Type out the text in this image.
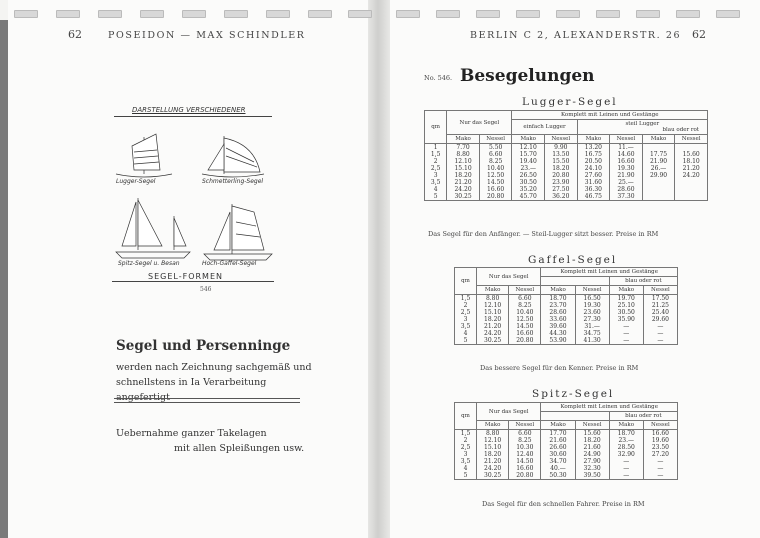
62	POSEIDON — MAX SCHINDLER
DARSTELLUNG VERSCHIEDENER
Lugger-Segel	Schmetterling-Segel
Spitz-Segel u. Besan	Hoch-Gaffel-Segel
SEGEL-FORMEN
546
Segel und Persenninge
werden nach Zeichnung sachgemäß und schnellstens in Ia Verarbeitung angefertigt
Uebernahme ganzer Takelagen
mit allen Spleißungen usw.
BERLIN C 2, ALEXANDERSTR. 26 62
No. 546. Besegelungen
Lugger-Segel
qm	Nur das Segel		Komplett mit Leinen und Gestänge					
			einfach Lugger		steil Lugger
blau oder rot			

	Mako	Nessel	Mako	Nessel	Mako	Nessel	Mako	Nessel
1	7.70	5.50	12.10	9.90	13.20	11.—		
1,5	8.80	6.60	15.70	13.50	16.75	14.60	17.75	15.60
2	12.10	8.25	19.40	15.50	20.50	16.60	21.90	18.10
2,5	15.10	10.40	23.—	18.20	24.10	19.30	26.—	21.20
3	18.20	12.50	26.50	20.80	27.60	21.90	29.90	24.20
3,5	21.20	14.50	30.50	23.90	31.60	25.—		
4	24.20	16.60	35.20	27.50	36.30	28.60		
5	30.25	20.80	45.70	36.20	46.75	37.30		
Das Segel für den Anfänger. — Steil-Lugger sitzt besser. Preise in RM
Gaffel-Segel
qm	Nur das Segel		Komplett mit Leinen und Gestänge			
					blau oder rot	
	Mako	Nessel	Mako	Nessel	Mako	Nessel
1,5	8.80	6.60	18.70	16.50	19.70	17.50
2	12.10	8.25	23.70	19.30	25.10	21.25
2,5	15.10	10.40	28.60	23.60	30.50	25.40
3	18.20	12.50	33.60	27.30	35.90	29.60
3,5	21.20	14.50	39.60	31.—	—	—
4	24.20	16.60	44.30	34.75	—	—
5	30.25	20.80	53.90	41.30	—	—
Das bessere Segel für den Kenner. Preise in RM
Spitz-Segel
qm	Nur das Segel		Komplett mit Leinen und Gestänge			
					blau oder rot	
	Mako	Nessel	Mako	Nessel	Mako	Nessel
1,5	8.80	6.60	17.70	15.60	18.70	16.60
2	12.10	8.25	21.60	18.20	23.—	19.60
2,5	15.10	10.30	26.60	21.60	28.50	23.50
3	18.20	12.40	30.60	24.90	32.90	27.20
3,5	21.20	14.50	34.70	27.90	—	—
4	24.20	16.60	40.—	32.30	—	—
5	30.25	20.80	50.30	39.50	—	—
Das Segel für den schnellen Fahrer. Preise in RM
